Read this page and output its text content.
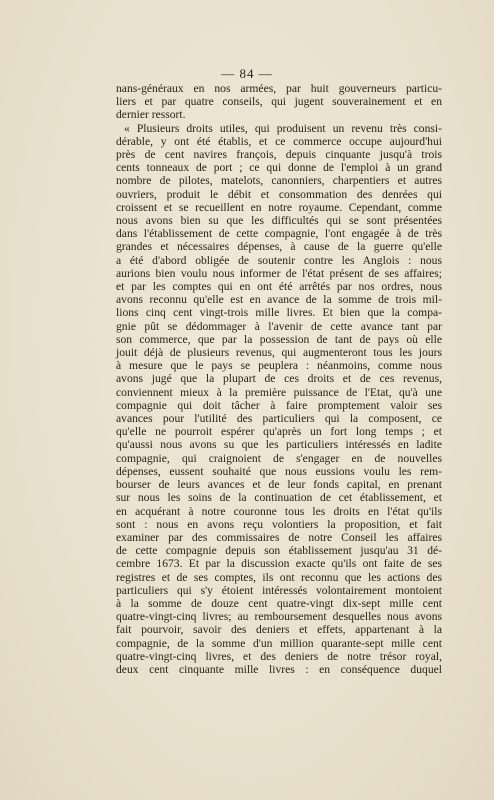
— 84 —
nans-généraux en nos armées, par huit gouverneurs particu-
liers et par quatre conseils, qui jugent souverainement et en
dernier ressort.
« Plusieurs droits utiles, qui produisent un revenu très consi-
dérable, y ont été établis, et ce commerce occupe aujourd'hui
près de cent navires françois, depuis cinquante jusqu'à trois
cents tonneaux de port ; ce qui donne de l'emploi à un grand
nombre de pilotes, matelots, canonniers, charpentiers et autres
ouvriers, produit le débit et consommation des denrées qui
croissent et se recueillent en notre royaume. Cependant, comme
nous avons bien su que les difficultés qui se sont présentées
dans l'établissement de cette compagnie, l'ont engagée à de très
grandes et nécessaires dépenses, à cause de la guerre qu'elle
a été d'abord obligée de soutenir contre les Anglois : nous
aurions bien voulu nous informer de l'état présent de ses affaires;
et par les comptes qui en ont été arrêtés par nos ordres, nous
avons reconnu qu'elle est en avance de la somme de trois mil-
lions cinq cent vingt-trois mille livres. Et bien que la compa-
gnie pût se dédommager à l'avenir de cette avance tant par
son commerce, que par la possession de tant de pays où elle
jouit déjà de plusieurs revenus, qui augmenteront tous les jours
à mesure que le pays se peuplera : néanmoins, comme nous
avons jugé que la plupart de ces droits et de ces revenus,
conviennent mieux à la première puissance de l'Etat, qu'à une
compagnie qui doit tâcher à faire promptement valoir ses
avances pour l'utilité des particuliers qui la composent, ce
qu'elle ne pourroit espérer qu'après un fort long temps ; et
qu'aussi nous avons su que les particuliers intéressés en ladite
compagnie, qui craignoient de s'engager en de nouvelles
dépenses, eussent souhaité que nous eussions voulu les rem-
bourser de leurs avances et de leur fonds capital, en prenant
sur nous les soins de la continuation de cet établissement, et
en acquérant à notre couronne tous les droits en l'état qu'ils
sont : nous en avons reçu volontiers la proposition, et fait
examiner par des commissaires de notre Conseil les affaires
de cette compagnie depuis son établissement jusqu'au 31 dé-
cembre 1673. Et par la discussion exacte qu'ils ont faite de ses
registres et de ses comptes, ils ont reconnu que les actions des
particuliers qui s'y étoient intéressés volontairement montoient
à la somme de douze cent quatre-vingt dix-sept mille cent
quatre-vingt-cinq livres; au remboursement desquelles nous avons
fait pourvoir, savoir des deniers et effets, appartenant à la
compagnie, de la somme d'un million quarante-sept mille cent
quatre-vingt-cinq livres, et des deniers de notre trésor royal,
deux cent cinquante mille livres : en conséquence duquel
